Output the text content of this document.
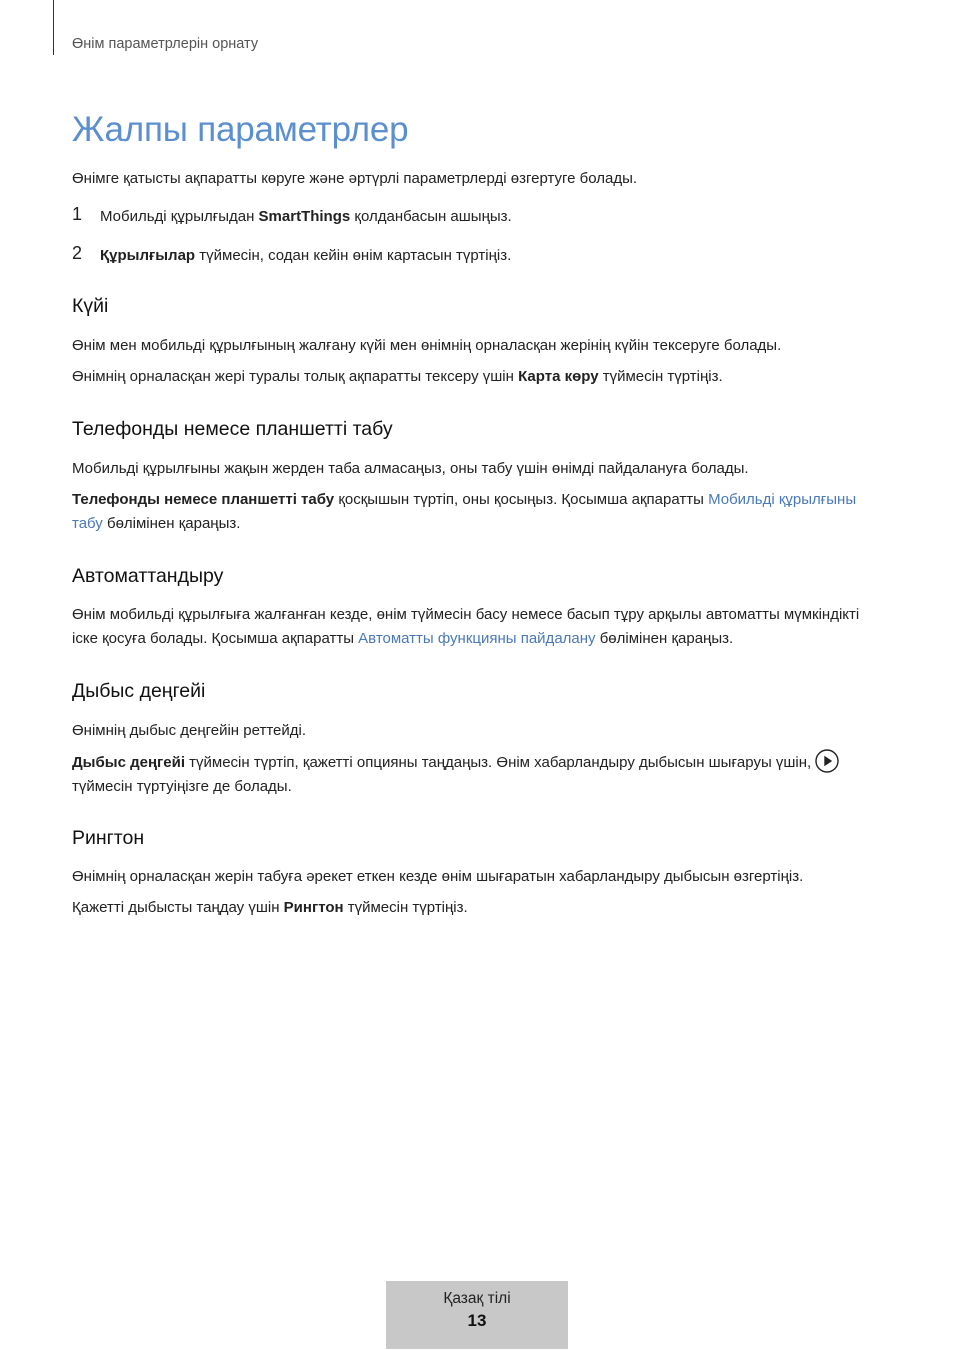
Өнім параметрлерін орнату
Жалпы параметрлер

Өнімге қатысты ақпаратты көруге және әртүрлі параметрлерді өзгертуге болады.

1 Мобильді құрылғыдан SmartThings қолданбасын ашыңыз.

2 Құрылғылар түймесін, содан кейін өнім картасын түртіңіз.

Күйі

Өнім мен мобильді құрылғының жалғану күйі мен өнімнің орналасқан жерінің күйін тексеруге болады.

Өнімнің орналасқан жері туралы толық ақпаратты тексеру үшін Карта көру түймесін түртіңіз.

Телефонды немесе планшетті табу

Мобильді құрылғыны жақын жерден таба алмасаңыз, оны табу үшін өнімді пайдалануға болады.

Телефонды немесе планшетті табу қосқышын түртіп, оны қосыңыз. Қосымша ақпаратты Мобильді құрылғыны табу бөлімінен қараңыз.

Автоматтандыру

Өнім мобильді құрылғыға жалғанған кезде, өнім түймесін басу немесе басып тұру арқылы автоматты мүмкіндікті іске қосуға болады. Қосымша ақпаратты Автоматты функцияны пайдалану бөлімінен қараңыз.

Дыбыс деңгейі

Өнімнің дыбыс деңгейін реттейді.

Дыбыс деңгейі түймесін түртіп, қажетті опцияны таңдаңыз. Өнім хабарландыру дыбысын шығаруы үшін, түймесін түртуіңізге де болады.

Рингтон

Өнімнің орналасқан жерін табуға әрекет еткен кезде өнім шығаратын хабарландыру дыбысын өзгертіңіз.

Қажетті дыбысты таңдау үшін Рингтон түймесін түртіңіз.

Қазақ тілі
13
